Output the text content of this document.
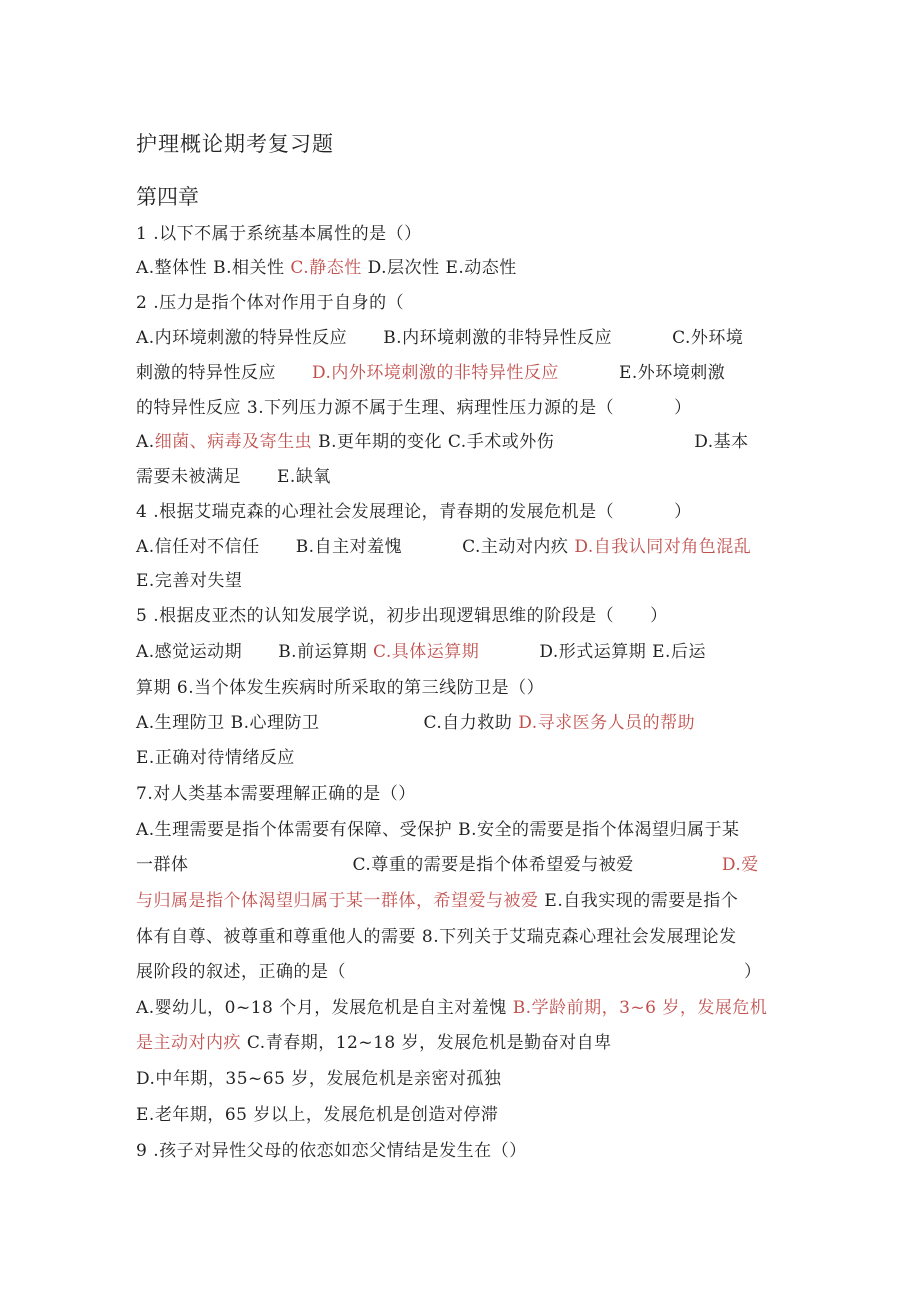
护理概论期考复习题
第四章
1 .以下不属于系统基本属性的是（）
A.整体性 B.相关性 C.静态性 D.层次性 E.动态性
2 .压力是指个体对作用于自身的（
A.内环境刺激的特异性反应 B.内环境刺激的非特异性反应	C.外环境
刺激的特异性反应 D.内外环境刺激的非特异性反应	E.外环境刺激
的特异性反应 3.下列压力源不属于生理、病理性压力源的是（	）
A.细菌、病毒及寄生虫 B.更年期的变化 C.手术或外伤	D.基本
需要未被满足 E.缺氧
4 .根据艾瑞克森的心理社会发展理论，青春期的发展危机是（	）
A.信任对不信任 B.自主对羞愧	C.主动对内疚 D.自我认同对角色混乱
E.完善对失望
5 .根据皮亚杰的认知发展学说，初步出现逻辑思维的阶段是（ ）
A.感觉运动期 B.前运算期 C.具体运算期	D.形式运算期 E.后运
算期 6.当个体发生疾病时所采取的第三线防卫是（）
A.生理防卫 B.心理防卫	C.自力救助 D.寻求医务人员的帮助
E.正确对待情绪反应
7.对人类基本需要理解正确的是（）
A.生理需要是指个体需要有保障、受保护 B.安全的需要是指个体渴望归属于某
一群体	C.尊重的需要是指个体希望爱与被爱	D.爱
与归属是指个体渴望归属于某一群体，希望爱与被爱 E.自我实现的需要是指个
体有自尊、被尊重和尊重他人的需要 8.下列关于艾瑞克森心理社会发展理论发
展阶段的叙述，正确的是（	）
A.婴幼儿，0~18 个月，发展危机是自主对羞愧 B.学龄前期，3~6 岁，发展危机
是主动对内疚 C.青春期，12~18 岁，发展危机是勤奋对自卑
D.中年期，35~65 岁，发展危机是亲密对孤独
E.老年期，65 岁以上，发展危机是创造对停滞
9 .孩子对异性父母的依恋如恋父情结是发生在（）
